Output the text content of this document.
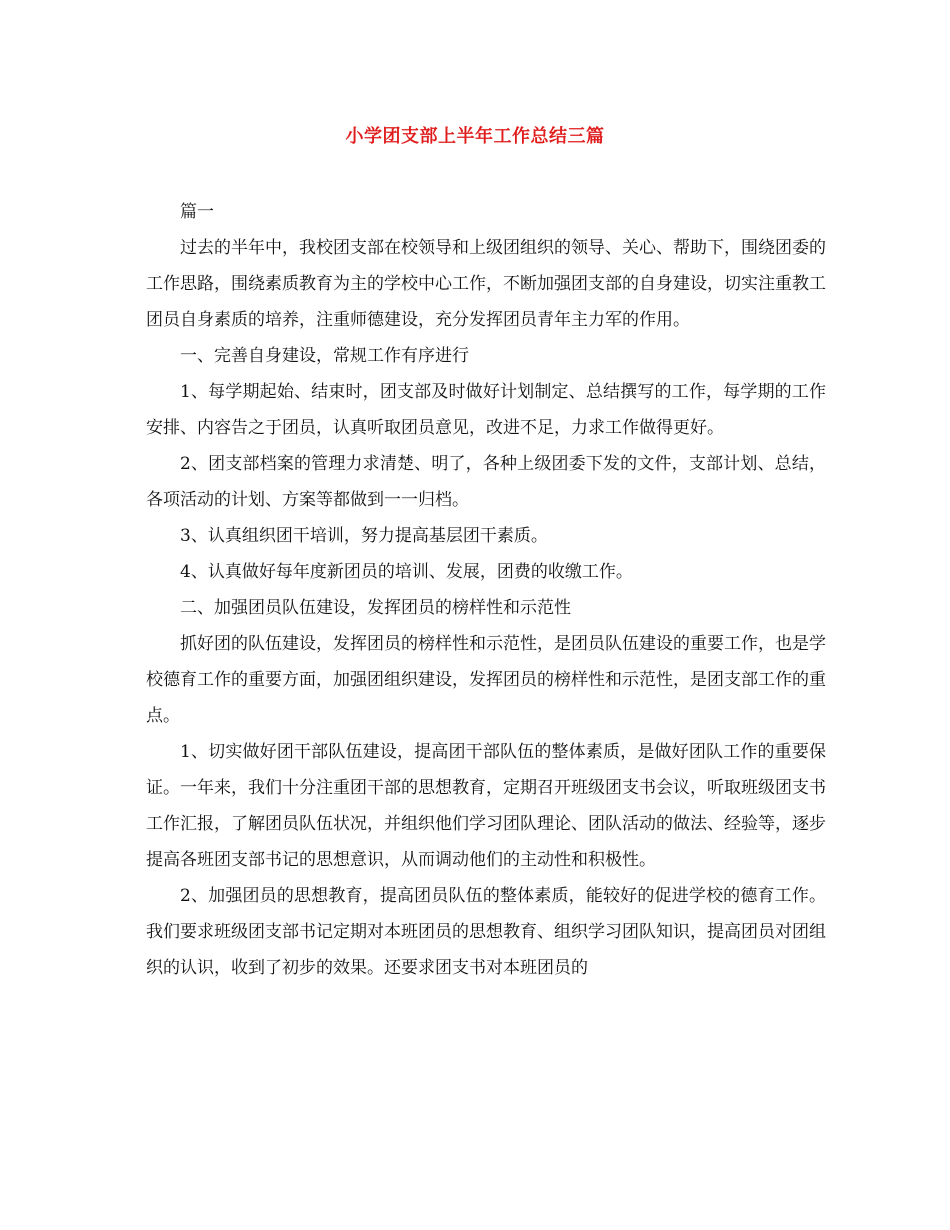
小学团支部上半年工作总结三篇

篇一

过去的半年中，我校团支部在校领导和上级团组织的领导、关心、帮助下，围绕团委的工作思路，围绕素质教育为主的学校中心工作，不断加强团支部的自身建设，切实注重教工团员自身素质的培养，注重师德建设，充分发挥团员青年主力军的作用。

一、完善自身建设，常规工作有序进行

1、每学期起始、结束时，团支部及时做好计划制定、总结撰写的工作，每学期的工作安排、内容告之于团员，认真听取团员意见，改进不足，力求工作做得更好。

2、团支部档案的管理力求清楚、明了，各种上级团委下发的文件，支部计划、总结，各项活动的计划、方案等都做到一一归档。

3、认真组织团干培训，努力提高基层团干素质。

4、认真做好每年度新团员的培训、发展，团费的收缴工作。

二、加强团员队伍建设，发挥团员的榜样性和示范性

抓好团的队伍建设，发挥团员的榜样性和示范性，是团员队伍建设的重要工作，也是学校德育工作的重要方面，加强团组织建设，发挥团员的榜样性和示范性，是团支部工作的重点。

1、切实做好团干部队伍建设，提高团干部队伍的整体素质，是做好团队工作的重要保证。一年来，我们十分注重团干部的思想教育，定期召开班级团支书会议，听取班级团支书工作汇报，了解团员队伍状况，并组织他们学习团队理论、团队活动的做法、经验等，逐步提高各班团支部书记的思想意识，从而调动他们的主动性和积极性。

2、加强团员的思想教育，提高团员队伍的整体素质，能较好的促进学校的德育工作。我们要求班级团支部书记定期对本班团员的思想教育、组织学习团队知识，提高团员对团组织的认识，收到了初步的效果。还要求团支书对本班团员的
